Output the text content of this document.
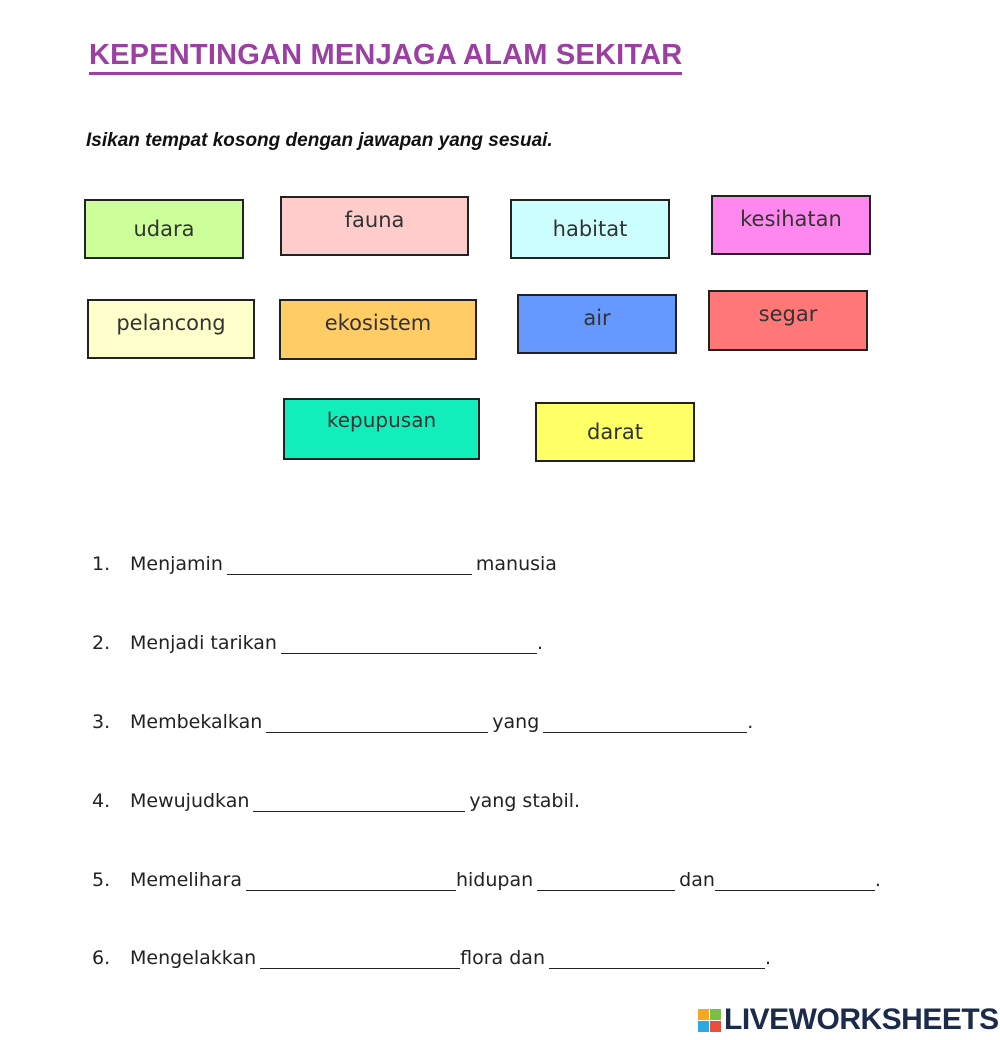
KEPENTINGAN MENJAGA ALAM SEKITAR
Isikan tempat kosong dengan jawapan yang sesuai.
udara	fauna	habitat	kesihatan
pelancong	ekosistem	air	segar
kepupusan	darat
1.	Menjamin	manusia
2.	Menjadi tarikan	.
3.	Membekalkan	yang	.
4.	Mewujudkan	yang stabil.
5.	Memelihara	hidupan	dan	.
6.	Mengelakkan	flora dan	.
LIVEWORKSHEETS
